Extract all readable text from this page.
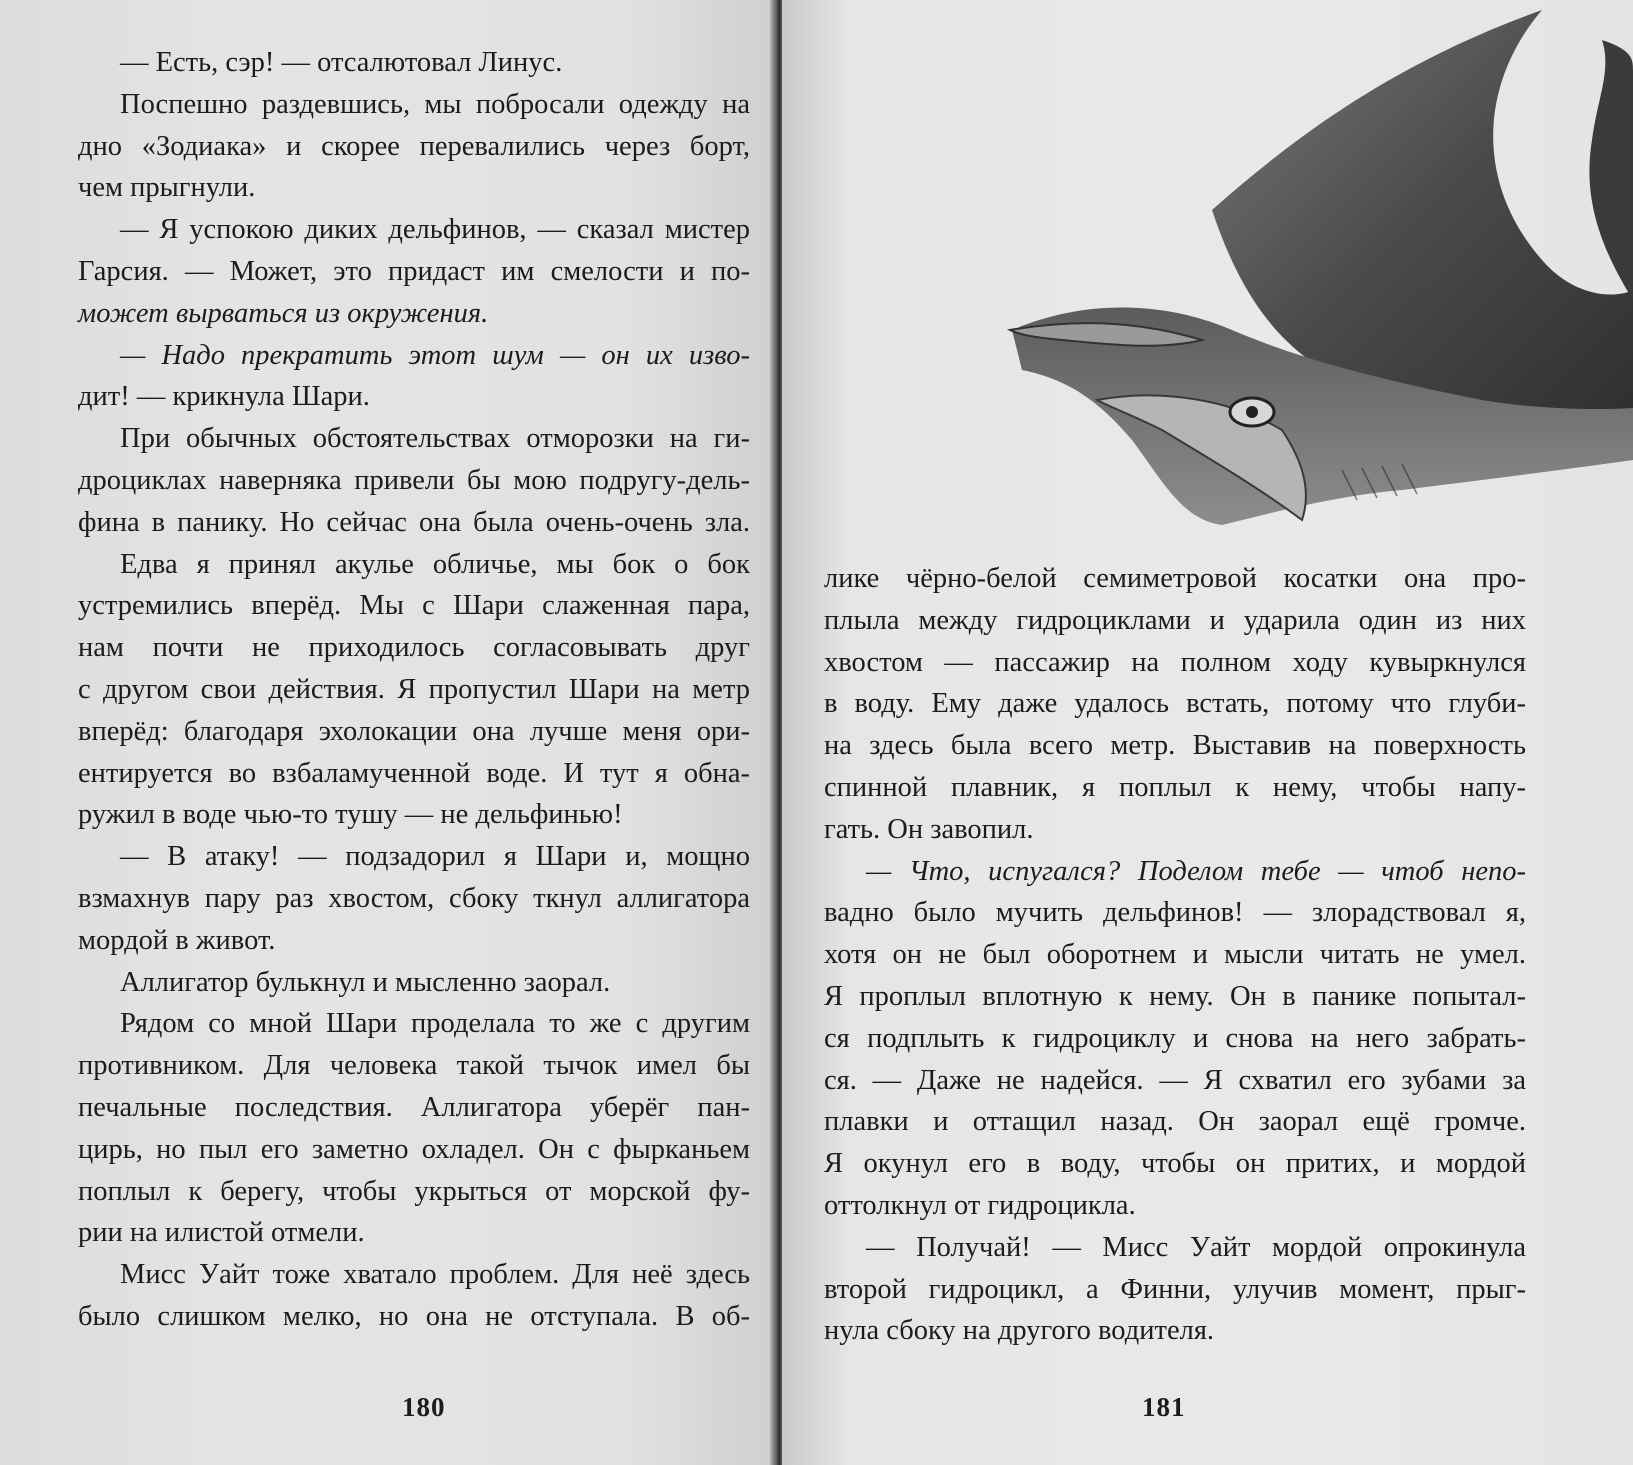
— Есть, сэр! — отсалютовал Линус.
Поспешно раздевшись, мы побросали одежду на
дно «Зодиака» и скорее перевалились через борт,
чем прыгнули.
— Я успокою диких дельфинов, — сказал мистер
Гарсия. — Может, это придаст им смелости и по-
может вырваться из окружения.
— Надо прекратить этот шум — он их изво-
дит! — крикнула Шари.
При обычных обстоятельствах отморозки на ги-
дроциклах наверняка привели бы мою подругу-дель-
фина в панику. Но сейчас она была очень-очень зла.
Едва я принял акулье обличье, мы бок о бок
устремились вперёд. Мы с Шари слаженная пара,
нам почти не приходилось согласовывать друг
с другом свои действия. Я пропустил Шари на метр
вперёд: благодаря эхолокации она лучше меня ори-
ентируется во взбаламученной воде. И тут я обна-
ружил в воде чью-то тушу — не дельфинью!
— В атаку! — подзадорил я Шари и, мощно
взмахнув пару раз хвостом, сбоку ткнул аллигатора
мордой в живот.
Аллигатор булькнул и мысленно заорал.
Рядом со мной Шари проделала то же с другим
противником. Для человека такой тычок имел бы
печальные последствия. Аллигатора уберёг пан-
цирь, но пыл его заметно охладел. Он с фырканьем
поплыл к берегу, чтобы укрыться от морской фу-
рии на илистой отмели.
Мисс Уайт тоже хватало проблем. Для неё здесь
было слишком мелко, но она не отступала. В об-
180
лике чёрно-белой семиметровой косатки она про-
плыла между гидроциклами и ударила один из них
хвостом — пассажир на полном ходу кувыркнулся
в воду. Ему даже удалось встать, потому что глуби-
на здесь была всего метр. Выставив на поверхность
спинной плавник, я поплыл к нему, чтобы напу-
гать. Он завопил.
— Что, испугался? Поделом тебе — чтоб непо-
вадно было мучить дельфинов! — злорадствовал я,
хотя он не был оборотнем и мысли читать не умел.
Я проплыл вплотную к нему. Он в панике попытал-
ся подплыть к гидроциклу и снова на него забрать-
ся. — Даже не надейся. — Я схватил его зубами за
плавки и оттащил назад. Он заорал ещё громче.
Я окунул его в воду, чтобы он притих, и мордой
оттолкнул от гидроцикла.
— Получай! — Мисс Уайт мордой опрокинула
второй гидроцикл, а Финни, улучив момент, прыг-
нула сбоку на другого водителя.
181
